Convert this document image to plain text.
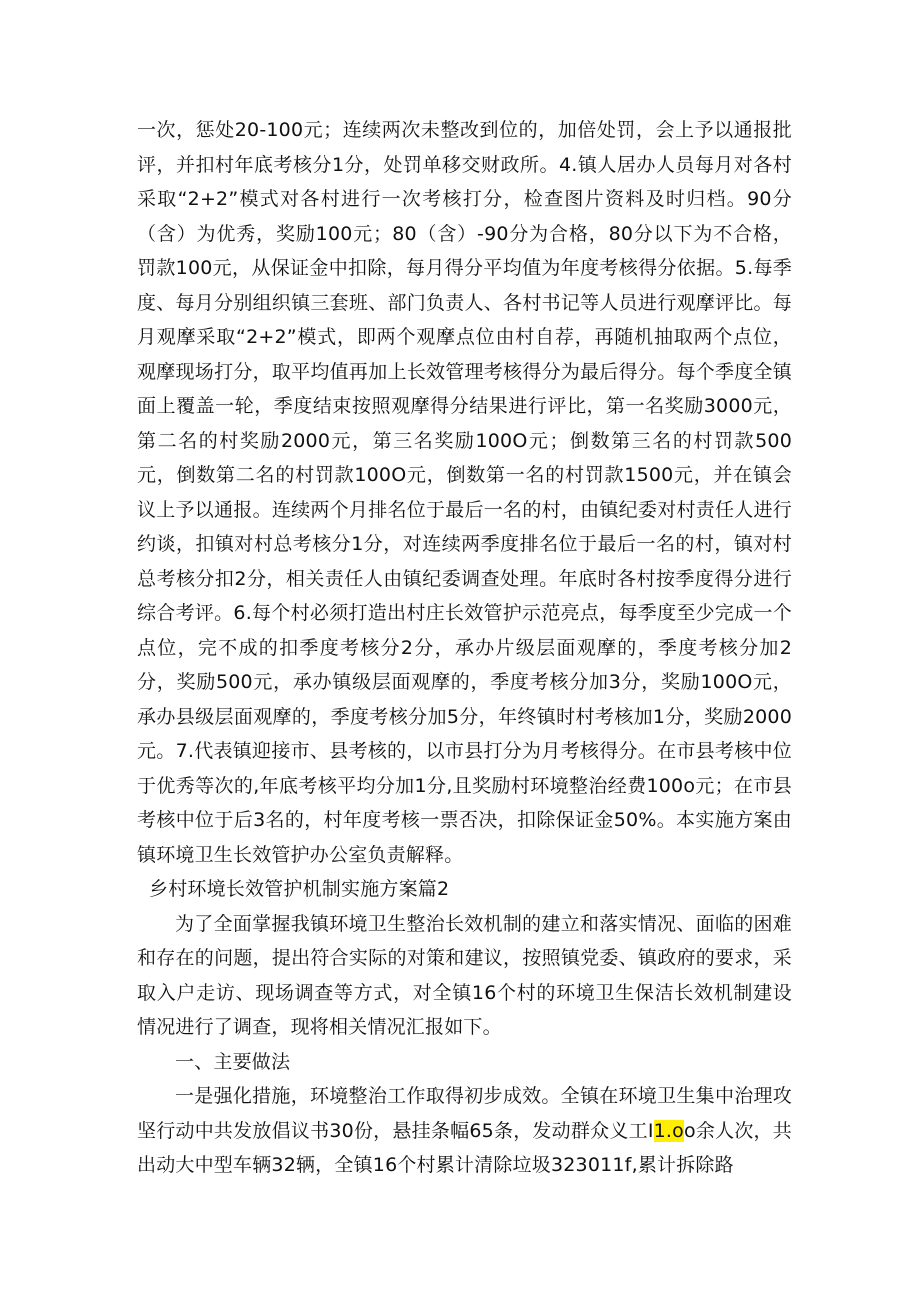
一次，惩处20-100元；连续两次未整改到位的，加倍处罚，会上予以通报批评，并扣村年底考核分1分，处罚单移交财政所。4.镇人居办人员每月对各村采取“2+2”模式对各村进行一次考核打分，检查图片资料及时归档。90分（含）为优秀，奖励100元；80（含）-90分为合格，80分以下为不合格，罚款100元，从保证金中扣除，每月得分平均值为年度考核得分依据。5.每季度、每月分别组织镇三套班、部门负责人、各村书记等人员进行观摩评比。每月观摩采取“2+2”模式，即两个观摩点位由村自荐，再随机抽取两个点位，观摩现场打分，取平均值再加上长效管理考核得分为最后得分。每个季度全镇面上覆盖一轮，季度结束按照观摩得分结果进行评比，第一名奖励3000元，第二名的村奖励2000元，第三名奖励100O元；倒数第三名的村罚款500元，倒数第二名的村罚款100O元，倒数第一名的村罚款1500元，并在镇会议上予以通报。连续两个月排名位于最后一名的村，由镇纪委对村责任人进行约谈，扣镇对村总考核分1分，对连续两季度排名位于最后一名的村，镇对村总考核分扣2分，相关责任人由镇纪委调查处理。年底时各村按季度得分进行综合考评。6.每个村必须打造出村庄长效管护示范亮点，每季度至少完成一个点位，完不成的扣季度考核分2分，承办片级层面观摩的，季度考核分加2分，奖励500元，承办镇级层面观摩的，季度考核分加3分，奖励100O元，承办县级层面观摩的，季度考核分加5分，年终镇时村考核加1分，奖励2000元。7.代表镇迎接市、县考核的，以市县打分为月考核得分。在市县考核中位于优秀等次的,年底考核平均分加1分,且奖励村环境整治经费100o元；在市县考核中位于后3名的，村年度考核一票否决，扣除保证金50%。本实施方案由镇环境卫生长效管护办公室负责解释。

乡村环境长效管护机制实施方案篇2

为了全面掌握我镇环境卫生整治长效机制的建立和落实情况、面临的困难和存在的问题，提出符合实际的对策和建议，按照镇党委、镇政府的要求，采取入户走访、现场调查等方式，对全镇16个村的环境卫生保洁长效机制建设情况进行了调查，现将相关情况汇报如下。

一、主要做法

一是强化措施，环境整治工作取得初步成效。全镇在环境卫生集中治理攻坚行动中共发放倡议书30份，悬挂条幅65条，发动群众义工I1.oo余人次，共出动大中型车辆32辆，全镇16个村累计清除垃圾323011f,累计拆除路
